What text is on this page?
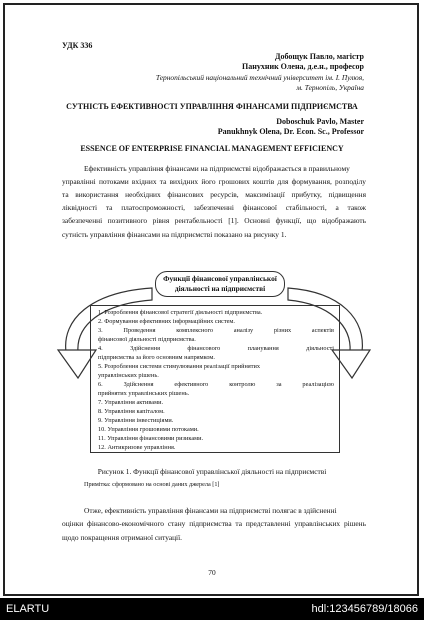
УДК 336
Добощук Павло, магістр
Панухник Олена, д.е.н., професор
Тернопільський національний технічний університет ім. І. Пулюя,
м. Тернопіль, Україна
СУТНІСТЬ ЕФЕКТИВНОСТІ УПРАВЛІННЯ ФІНАНСАМИ ПІДПРИЄМСТВА
Doboschuk Pavlo, Master
Panukhnyk Olena, Dr. Econ. Sc., Professor
ESSENCE OF ENTERPRISE FINANCIAL MANAGEMENT EFFICIENCY
Ефективність управління фінансами на підприємстві відображається в правильному
управлінні потоками вхідних та вихідних його грошових коштів для формування, розподілу
та використання необхідних фінансових ресурсів, максимізації прибутку, підвищення
ліквідності та платоспроможності, забезпеченні фінансової стабільності, а також
забезпеченні позитивного рівня рентабельності [1]. Основні функції, що відображають
сутність управління фінансами на підприємстві показано на рисунку 1.
Функції фінансової управлінської
діяльності на підприємстві
1. Розроблення фінансової стратегії діяльності підприємства.
2. Формування ефективних інформаційних систем.
3. Проведення комплексного аналізу різних аспектів
фінансової діяльності підприємства.
4. Здійснення фінансового планування діяльності
підприємства за його основним напрямком.
5. Розроблення системи стимулювання реалізації прийнятих
управлінських рішень.
6. Здійснення ефективного контролю за реалізацією
прийнятих управлінських рішень.
7. Управління активами.
8. Управління капіталом.
9. Управління інвестиціями.
10. Управління грошовими потоками.
11. Управління фінансовими ризиками.
12. Антикризове управління.
Рисунок 1. Функції фінансової управлінської діяльності на підприємстві
Примітка: сформовано на основі даних джерела [1]
Отже, ефективність управління фінансами на підприємстві полягає в здійсненні
оцінки фінансово-економічного стану підприємства та представленні управлінських рішень
щодо покращення отриманої ситуації.
70
ELARTU	hdl:123456789/18066
